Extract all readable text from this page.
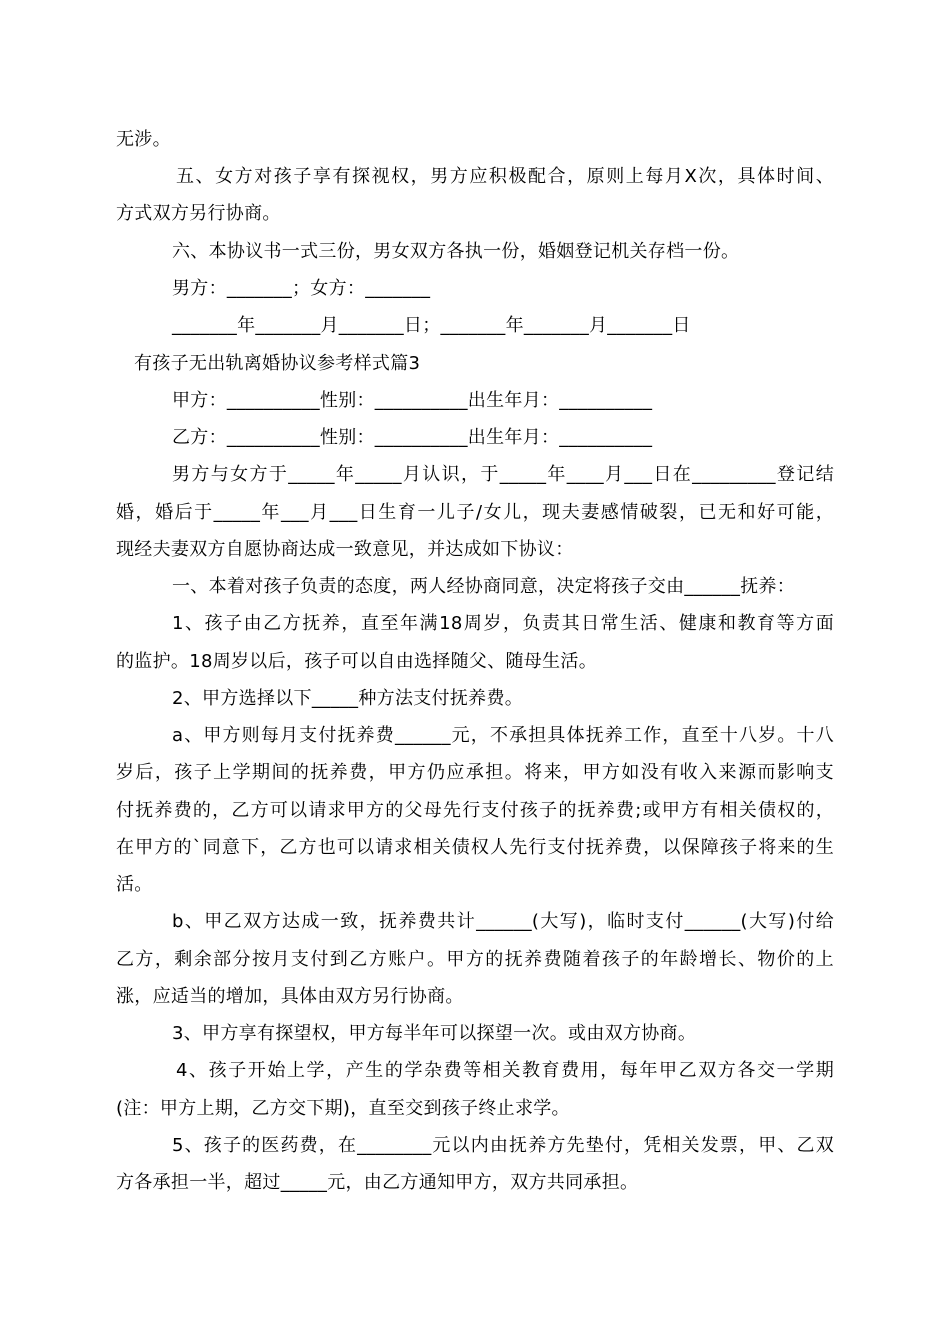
无涉。

五、女方对孩子享有探视权，男方应积极配合，原则上每月X次，具体时间、

方式双方另行协商。

六、本协议书一式三份，男女双方各执一份，婚姻登记机关存档一份。

男方：_______；女方：_______

_______年_______月_______日；_______年_______月_______日

有孩子无出轨离婚协议参考样式篇3

甲方：__________性别：__________出生年月：__________

乙方：__________性别：__________出生年月：__________

男方与女方于_____年_____月认识，于_____年____月___日在_________登记结

婚，婚后于_____年___月___日生育一儿子/女儿，现夫妻感情破裂，已无和好可能，

现经夫妻双方自愿协商达成一致意见，并达成如下协议：

一、本着对孩子负责的态度，两人经协商同意，决定将孩子交由______抚养：

1、孩子由乙方抚养，直至年满18周岁，负责其日常生活、健康和教育等方面

的监护。18周岁以后，孩子可以自由选择随父、随母生活。

2、甲方选择以下_____种方法支付抚养费。

a、甲方则每月支付抚养费______元，不承担具体抚养工作，直至十八岁。十八

岁后，孩子上学期间的抚养费，甲方仍应承担。将来，甲方如没有收入来源而影响支

付抚养费的，乙方可以请求甲方的父母先行支付孩子的抚养费;或甲方有相关债权的，

在甲方的`同意下，乙方也可以请求相关债权人先行支付抚养费，以保障孩子将来的生

活。

b、甲乙双方达成一致，抚养费共计______(大写)，临时支付______(大写)付给

乙方，剩余部分按月支付到乙方账户。甲方的抚养费随着孩子的年龄增长、物价的上

涨，应适当的增加，具体由双方另行协商。

3、甲方享有探望权，甲方每半年可以探望一次。或由双方协商。

4、孩子开始上学，产生的学杂费等相关教育费用，每年甲乙双方各交一学期

(注：甲方上期，乙方交下期)，直至交到孩子终止求学。

5、孩子的医药费，在________元以内由抚养方先垫付，凭相关发票，甲、乙双

方各承担一半，超过_____元，由乙方通知甲方，双方共同承担。
